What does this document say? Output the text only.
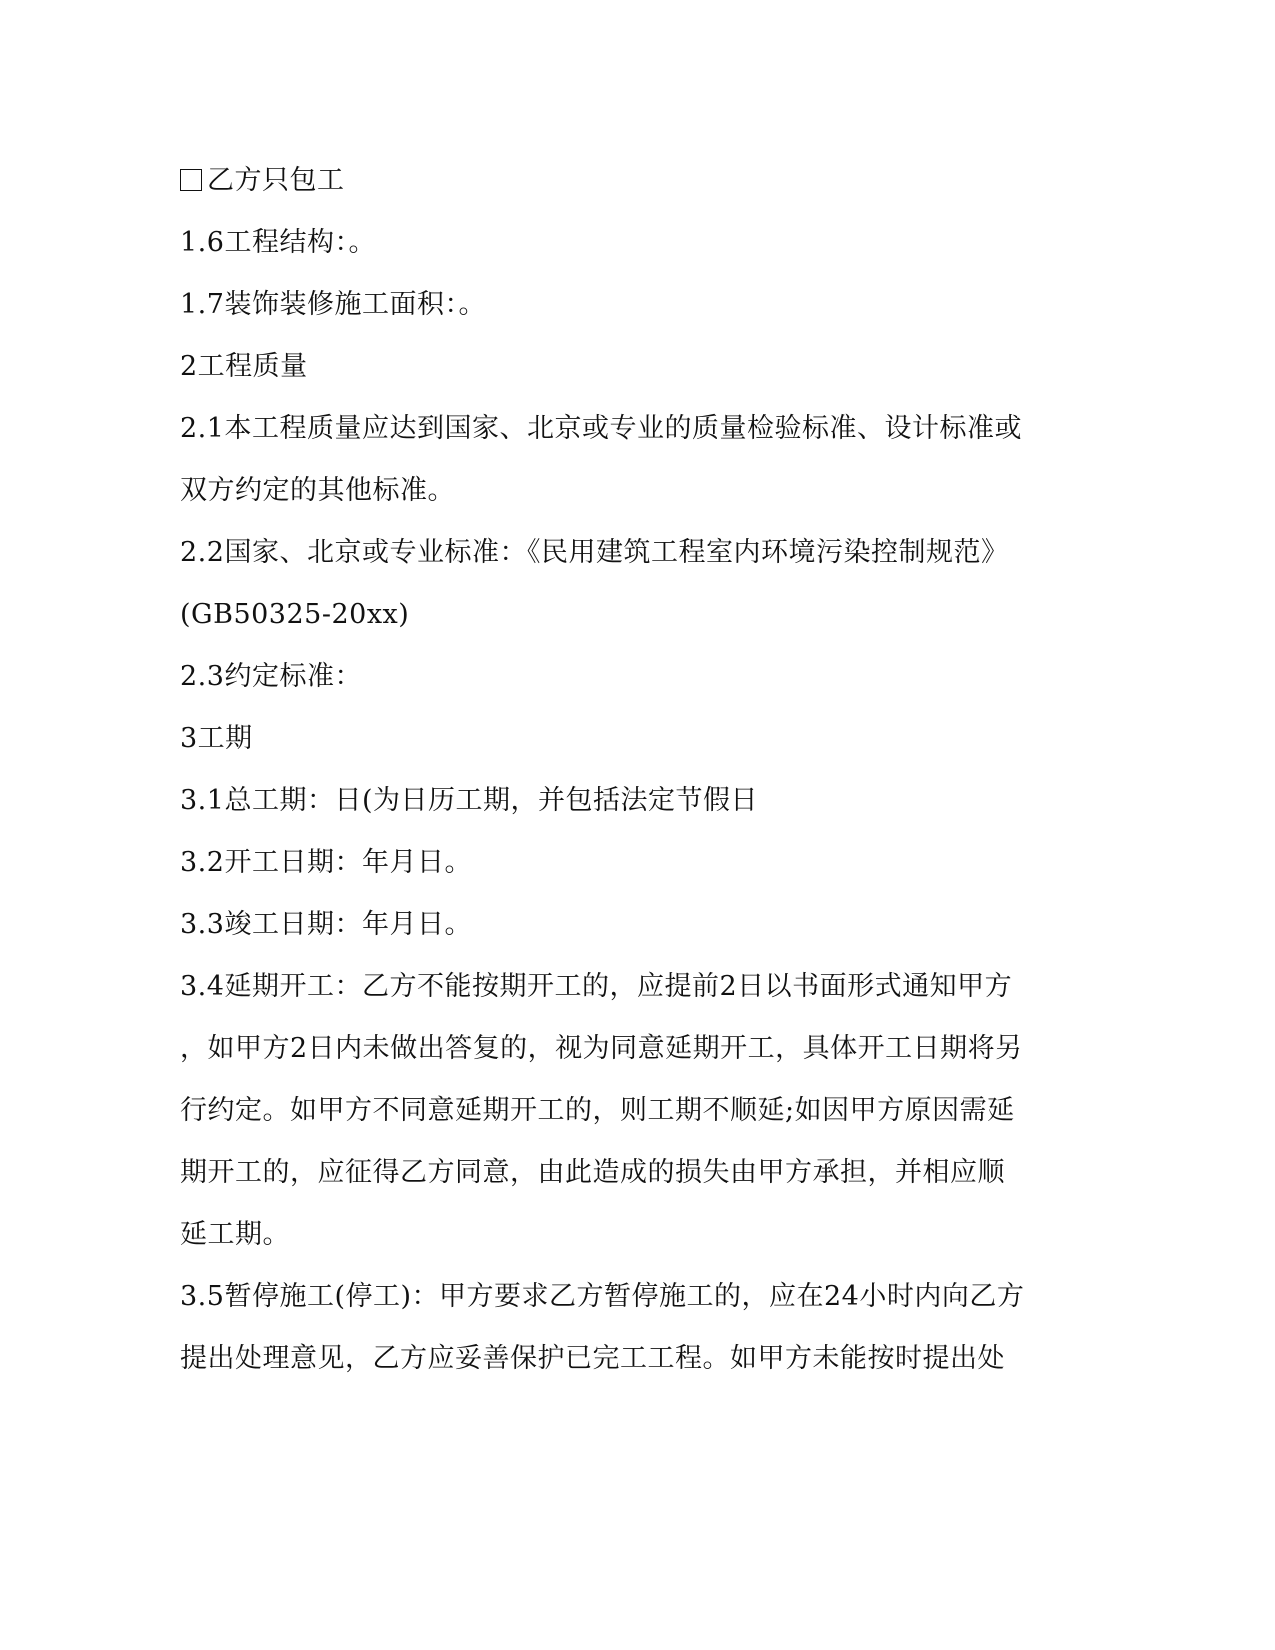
乙方只包工
1.6工程结构：。
1.7装饰装修施工面积：。
2工程质量
2.1本工程质量应达到国家、北京或专业的质量检验标准、设计标准或
双方约定的其他标准。
2.2国家、北京或专业标准：《民用建筑工程室内环境污染控制规范》
(GB50325-20xx)
2.3约定标准：
3工期
3.1总工期：日(为日历工期，并包括法定节假日
3.2开工日期：年月日。
3.3竣工日期：年月日。
3.4延期开工：乙方不能按期开工的，应提前2日以书面形式通知甲方
，如甲方2日内未做出答复的，视为同意延期开工，具体开工日期将另
行约定。如甲方不同意延期开工的，则工期不顺延;如因甲方原因需延
期开工的，应征得乙方同意，由此造成的损失由甲方承担，并相应顺
延工期。
3.5暂停施工(停工)：甲方要求乙方暂停施工的，应在24小时内向乙方
提出处理意见，乙方应妥善保护已完工工程。如甲方未能按时提出处
